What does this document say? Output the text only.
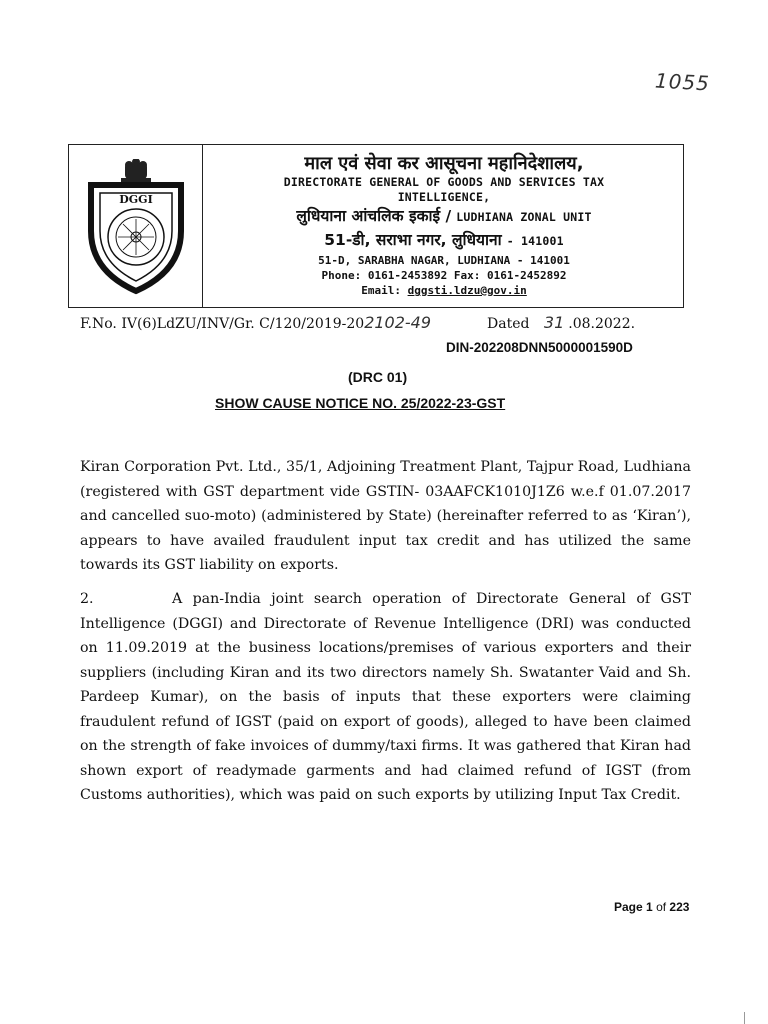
1055
DGGI
माल एवं सेवा कर आसूचना महानिदेशालय,
DIRECTORATE GENERAL OF GOODS AND SERVICES TAX
INTELLIGENCE,
लुधियाना आंचलिक इकाई / LUDHIANA ZONAL UNIT
51-डी, सराभा नगर, लुधियाना - 141001
51-D, SARABHA NAGAR, LUDHIANA - 141001
Phone: 0161-2453892 Fax: 0161-2452892
Email: dggsti.ldzu@gov.in
F.No. IV(6)LdZU/INV/Gr. C/120/2019-202102-49	Dated 31 .08.2022.
DIN-202208DNN5000001590D
(DRC 01)
SHOW CAUSE NOTICE NO. 25/2022-23-GST
Kiran Corporation Pvt. Ltd., 35/1, Adjoining Treatment Plant, Tajpur Road, Ludhiana (registered with GST department vide GSTIN- 03AAFCK1010J1Z6 w.e.f 01.07.2017 and cancelled suo-moto) (administered by State) (hereinafter referred to as ‘Kiran’), appears to have availed fraudulent input tax credit and has utilized the same towards its GST liability on exports.
2.	A pan-India joint search operation of Directorate General of GST Intelligence (DGGI) and Directorate of Revenue Intelligence (DRI) was conducted on 11.09.2019 at the business locations/premises of various exporters and their suppliers (including Kiran and its two directors namely Sh. Swatanter Vaid and Sh. Pardeep Kumar), on the basis of inputs that these exporters were claiming fraudulent refund of IGST (paid on export of goods), alleged to have been claimed on the strength of fake invoices of dummy/taxi firms. It was gathered that Kiran had shown export of readymade garments and had claimed refund of IGST (from Customs authorities), which was paid on such exports by utilizing Input Tax Credit.
Page 1 of 223
